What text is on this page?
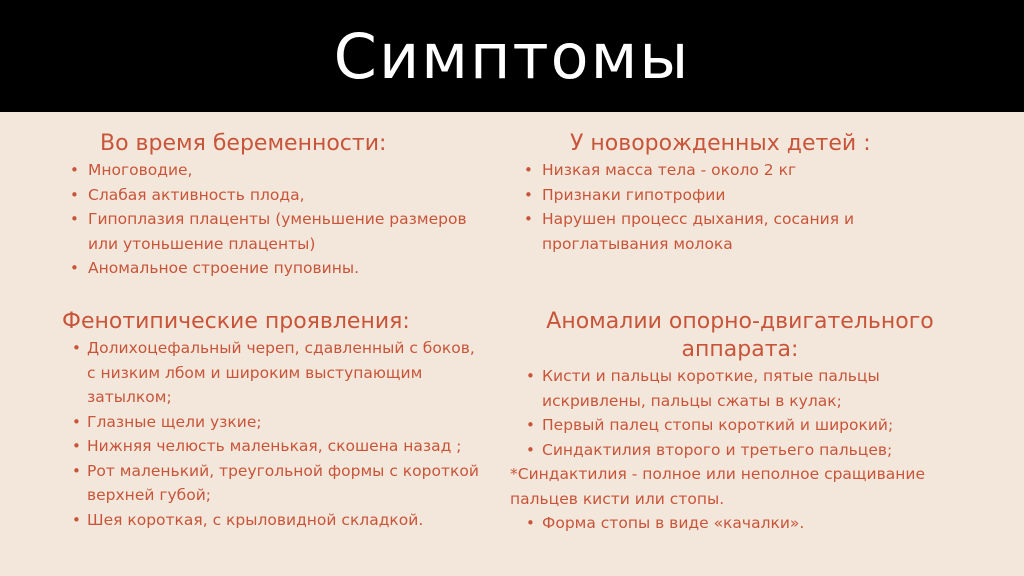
Симптомы
Во время беременности:
• Многоводие,
• Слабая активность плода,
• Гипоплазия плаценты (уменьшение размеров или утоньшение плаценты)
• Аномальное строение пуповины.
У новорожденных детей :
• Низкая масса тела - около 2 кг
• Признаки гипотрофии
• Нарушен процесс дыхания, сосания и проглатывания молока
Фенотипические проявления:
• Долихоцефальный череп, сдавленный с боков, с низким лбом и широким выступающим затылком;
• Глазные щели узкие;
• Нижняя челюсть маленькая, скошена назад ;
• Рот маленький, треугольной формы с короткой верхней губой;
• Шея короткая, с крыловидной складкой.
Аномалии опорно-двигательного аппарата:
• Кисти и пальцы короткие, пятые пальцы искривлены, пальцы сжаты в кулак;
• Первый палец стопы короткий и широкий;
• Синдактилия второго и третьего пальцев;
*Синдактилия - полное или неполное сращивание пальцев кисти или стопы.
• Форма стопы в виде «качалки».
